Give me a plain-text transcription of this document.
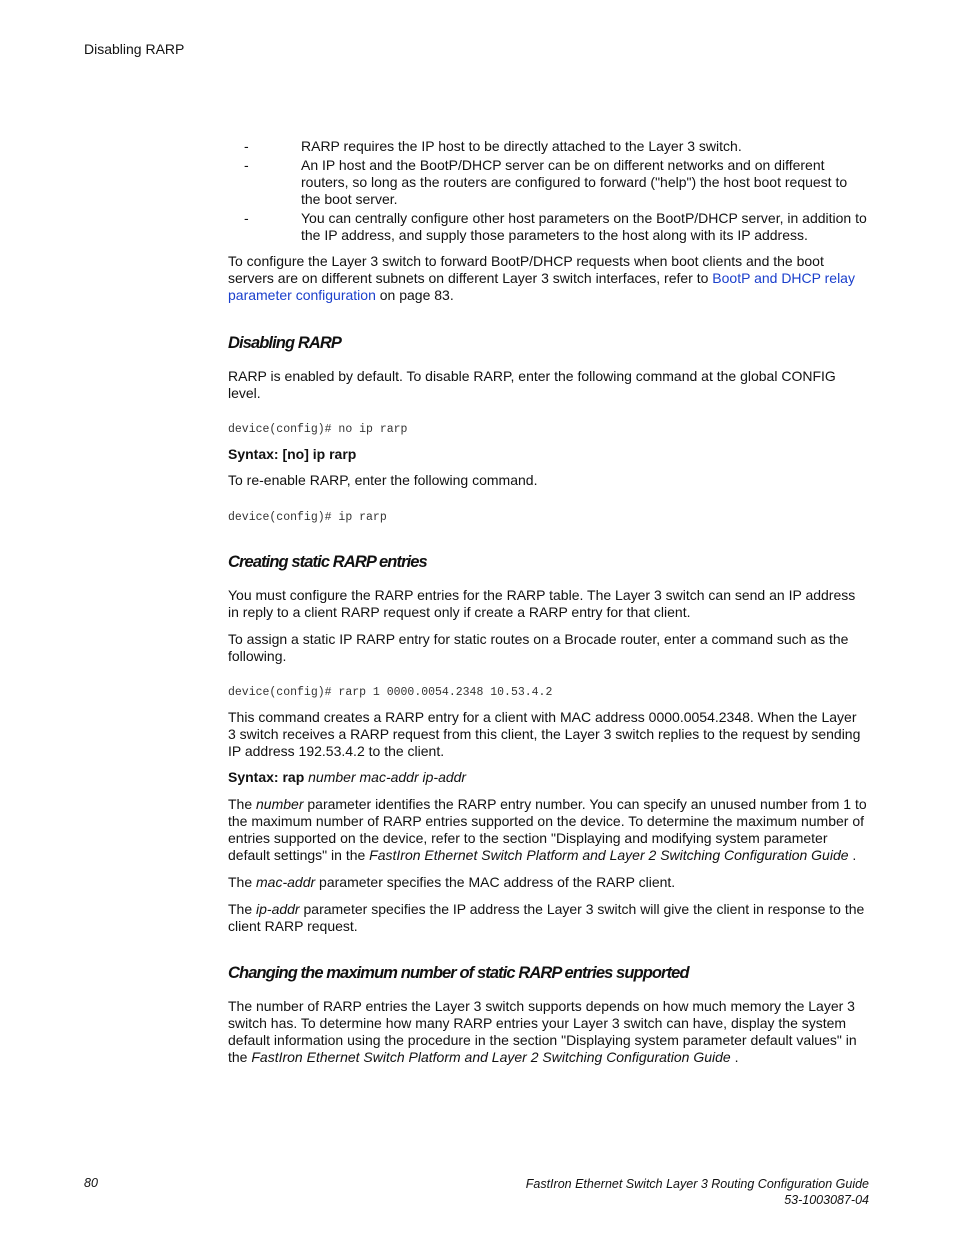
Disabling RARP
-	RARP requires the IP host to be directly attached to the Layer 3 switch.
-	An IP host and the BootP/DHCP server can be on different networks and on different routers, so long as the routers are configured to forward ("help") the host boot request to the boot server.
-	You can centrally configure other host parameters on the BootP/DHCP server, in addition to the IP address, and supply those parameters to the host along with its IP address.

To configure the Layer 3 switch to forward BootP/DHCP requests when boot clients and the boot servers are on different subnets on different Layer 3 switch interfaces, refer to BootP and DHCP relay parameter configuration on page 83.

Disabling RARP

RARP is enabled by default. To disable RARP, enter the following command at the global CONFIG level.

device(config)# no ip rarp

Syntax: [no] ip rarp

To re-enable RARP, enter the following command.

device(config)# ip rarp
Creating static RARP entries

You must configure the RARP entries for the RARP table. The Layer 3 switch can send an IP address in reply to a client RARP request only if create a RARP entry for that client.

To assign a static IP RARP entry for static routes on a Brocade router, enter a command such as the following.

device(config)# rarp 1 0000.0054.2348 10.53.4.2

This command creates a RARP entry for a client with MAC address 0000.0054.2348. When the Layer 3 switch receives a RARP request from this client, the Layer 3 switch replies to the request by sending IP address 192.53.4.2 to the client.

Syntax: rap number mac-addr ip-addr

The number parameter identifies the RARP entry number. You can specify an unused number from 1 to the maximum number of RARP entries supported on the device. To determine the maximum number of entries supported on the device, refer to the section "Displaying and modifying system parameter default settings" in the FastIron Ethernet Switch Platform and Layer 2 Switching Configuration Guide .

The mac-addr parameter specifies the MAC address of the RARP client.

The ip-addr parameter specifies the IP address the Layer 3 switch will give the client in response to the client RARP request.

Changing the maximum number of static RARP entries supported

The number of RARP entries the Layer 3 switch supports depends on how much memory the Layer 3 switch has. To determine how many RARP entries your Layer 3 switch can have, display the system default information using the procedure in the section "Displaying system parameter default values" in the FastIron Ethernet Switch Platform and Layer 2 Switching Configuration Guide .

80	FastIron Ethernet Switch Layer 3 Routing Configuration Guide
53-1003087-04
